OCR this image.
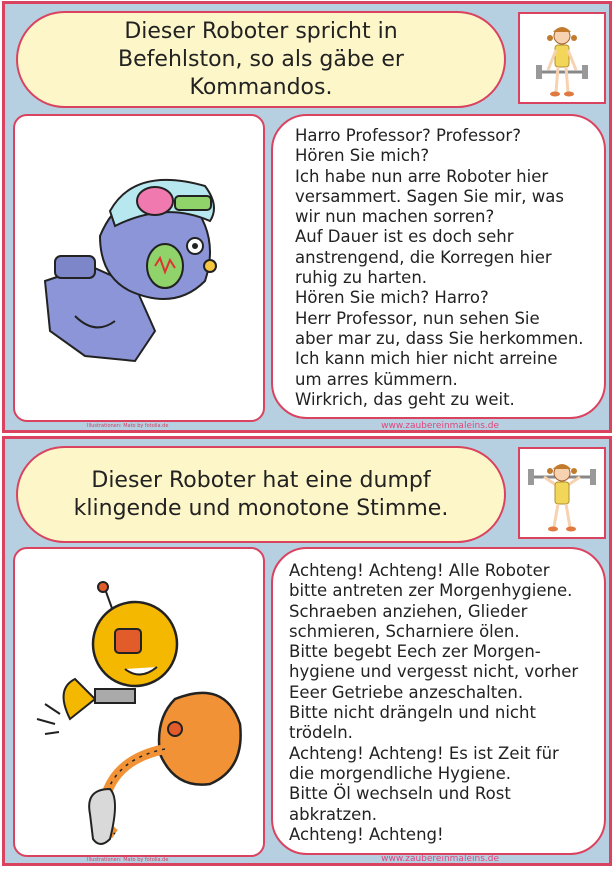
Dieser Roboter spricht in
Befehlston, so als gäbe er
Kommandos.
Harro Professor? Professor?
Hören Sie mich?
Ich habe nun arre Roboter hier
versammert. Sagen Sie mir, was
wir nun machen sorren?
Auf Dauer ist es doch sehr
anstrengend, die Korregen hier
ruhig zu harten.
Hören Sie mich? Harro?
Herr Professor, nun sehen Sie
aber mar zu, dass Sie herkommen.
Ich kann mich hier nicht arreine
um arres kümmern.
Wirkrich, das geht zu weit.
Illustrationen: Mato by fotolia.de	www.zaubereinmaleins.de
Dieser Roboter hat eine dumpf
klingende und monotone Stimme.
Achteng! Achteng! Alle Roboter
bitte antreten zer Morgenhygiene.
Schraeben anziehen, Glieder
schmieren, Scharniere ölen.
Bitte begebt Eech zer Morgen-
hygiene und vergesst nicht, vorher
Eeer Getriebe anzeschalten.
Bitte nicht drängeln und nicht
trödeln.
Achteng! Achteng! Es ist Zeit für
die morgendliche Hygiene.
Bitte Öl wechseln und Rost
abkratzen.
Achteng! Achteng!
Illustrationen: Mato by fotolia.de	www.zaubereinmaleins.de
